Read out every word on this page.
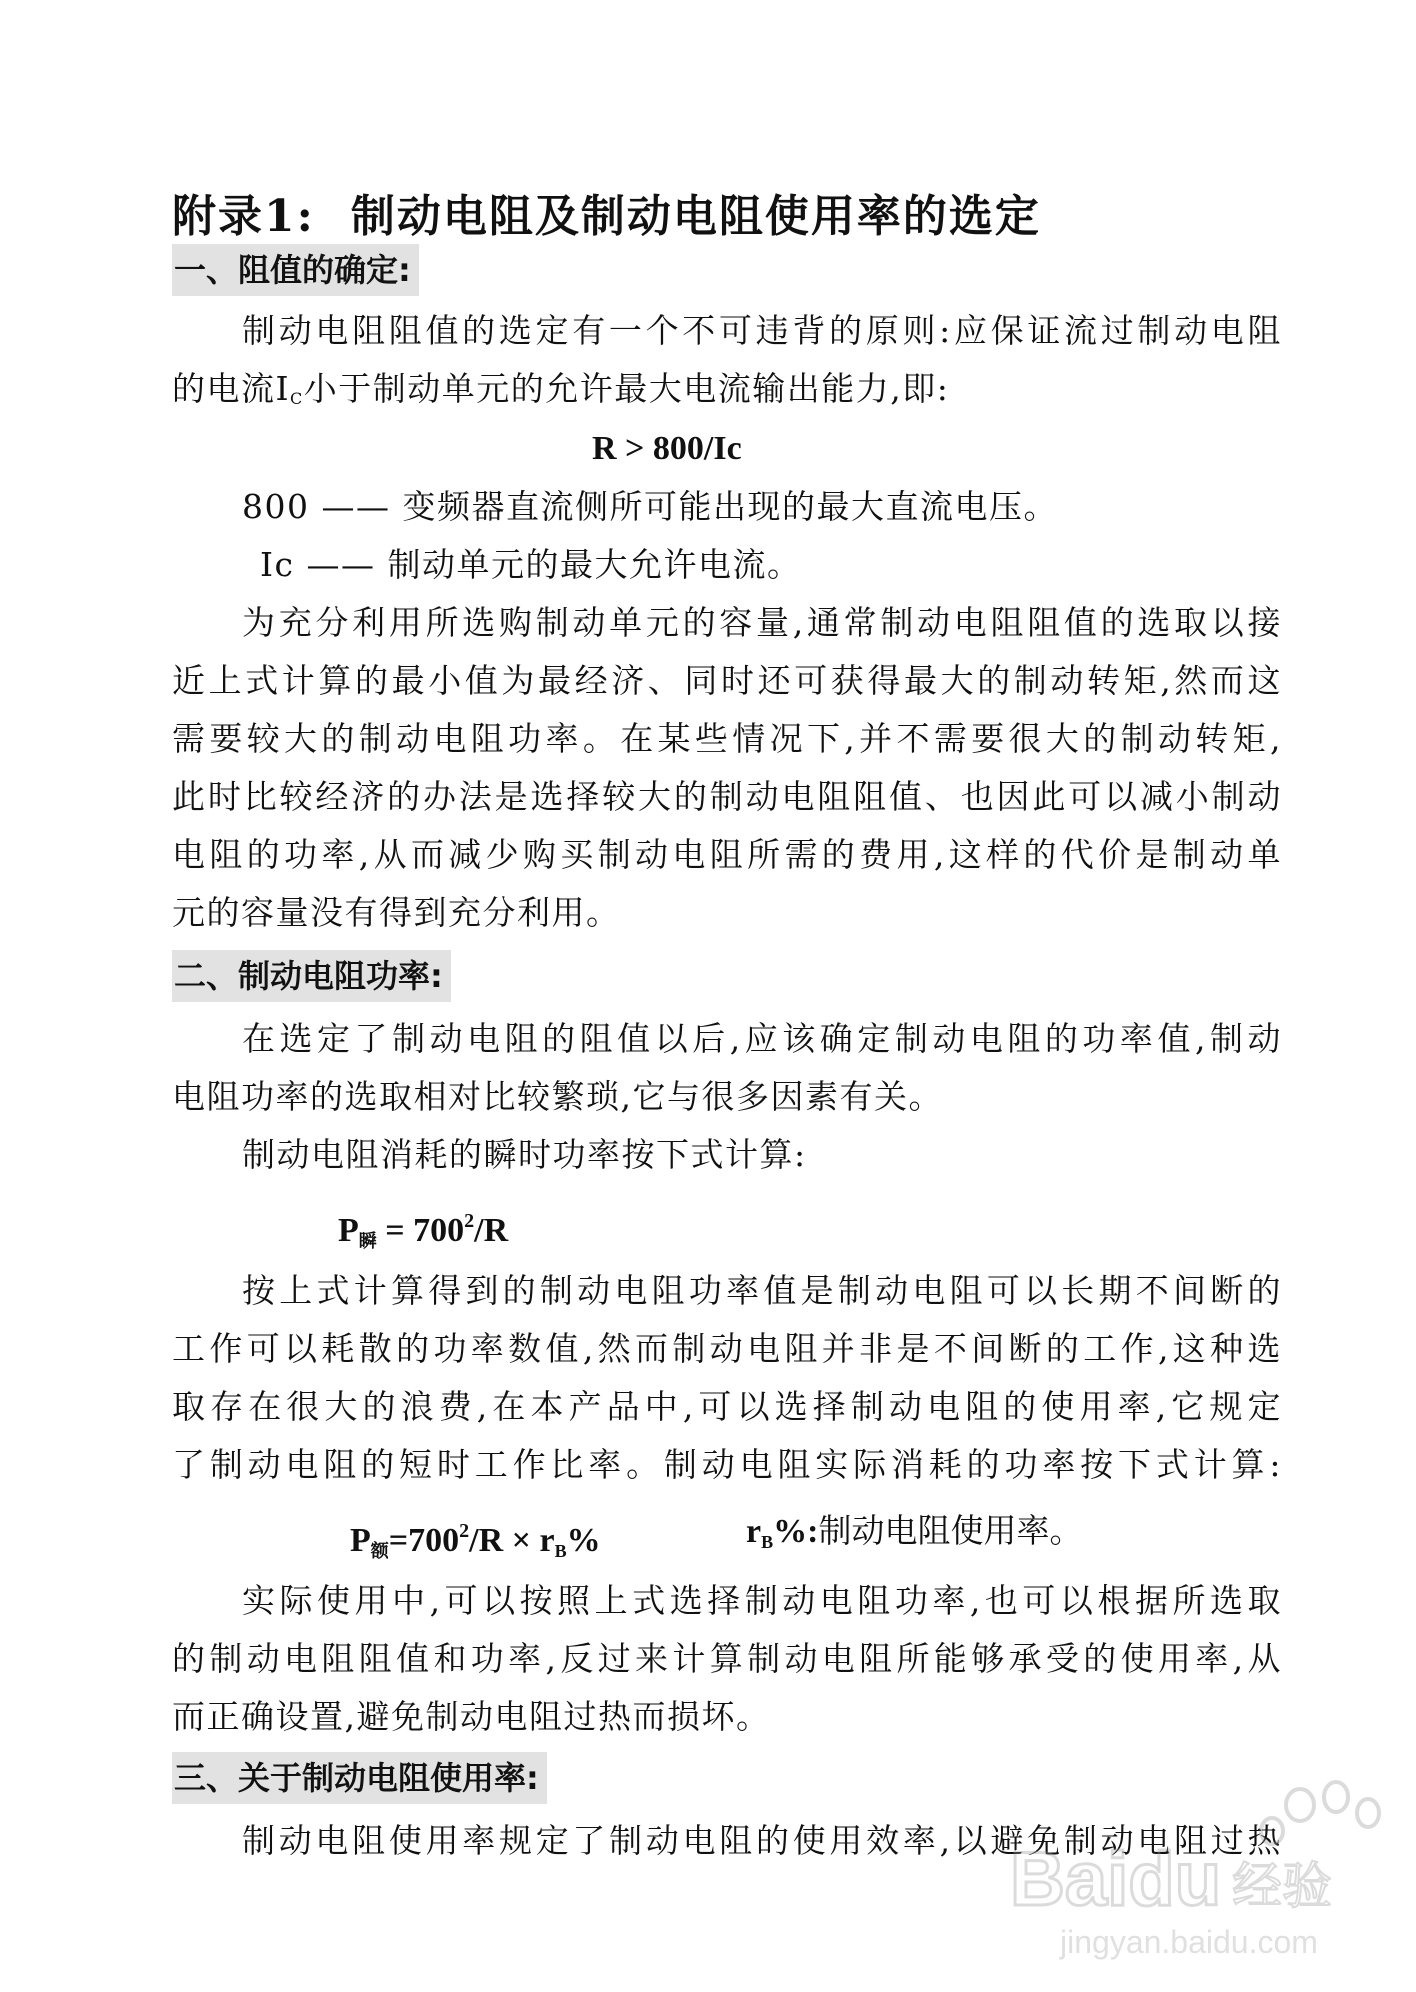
附录1: 制动电阻及制动电阻使用率的选定
一、阻值的确定:
制动电阻阻值的选定有一个不可违背的原则:应保证流过制动电阻
的电流IC小于制动单元的允许最大电流输出能力,即:
R > 800/Ic
800 —— 变频器直流侧所可能出现的最大直流电压。
Ic —— 制动单元的最大允许电流。
为充分利用所选购制动单元的容量,通常制动电阻阻值的选取以接
近上式计算的最小值为最经济、同时还可获得最大的制动转矩,然而这
需要较大的制动电阻功率。在某些情况下,并不需要很大的制动转矩,
此时比较经济的办法是选择较大的制动电阻阻值、也因此可以减小制动
电阻的功率,从而减少购买制动电阻所需的费用,这样的代价是制动单
元的容量没有得到充分利用。
二、制动电阻功率:
在选定了制动电阻的阻值以后,应该确定制动电阻的功率值,制动
电阻功率的选取相对比较繁琐,它与很多因素有关。
制动电阻消耗的瞬时功率按下式计算:
$P_瞬 = 700^2/R$
按上式计算得到的制动电阻功率值是制动电阻可以长期不间断的
工作可以耗散的功率数值,然而制动电阻并非是不间断的工作,这种选
取存在很大的浪费,在本产品中,可以选择制动电阻的使用率,它规定
了制动电阻的短时工作比率。制动电阻实际消耗的功率按下式计算:
$P_额=700^2/R \times r_B\%$	$r_B\%$:制动电阻使用率。
实际使用中,可以按照上式选择制动电阻功率,也可以根据所选取
的制动电阻阻值和功率,反过来计算制动电阻所能够承受的使用率,从
而正确设置,避免制动电阻过热而损坏。
三、关于制动电阻使用率:
制动电阻使用率规定了制动电阻的使用效率,以避免制动电阻过热
Baidu 经验
jingyan.baidu.com
